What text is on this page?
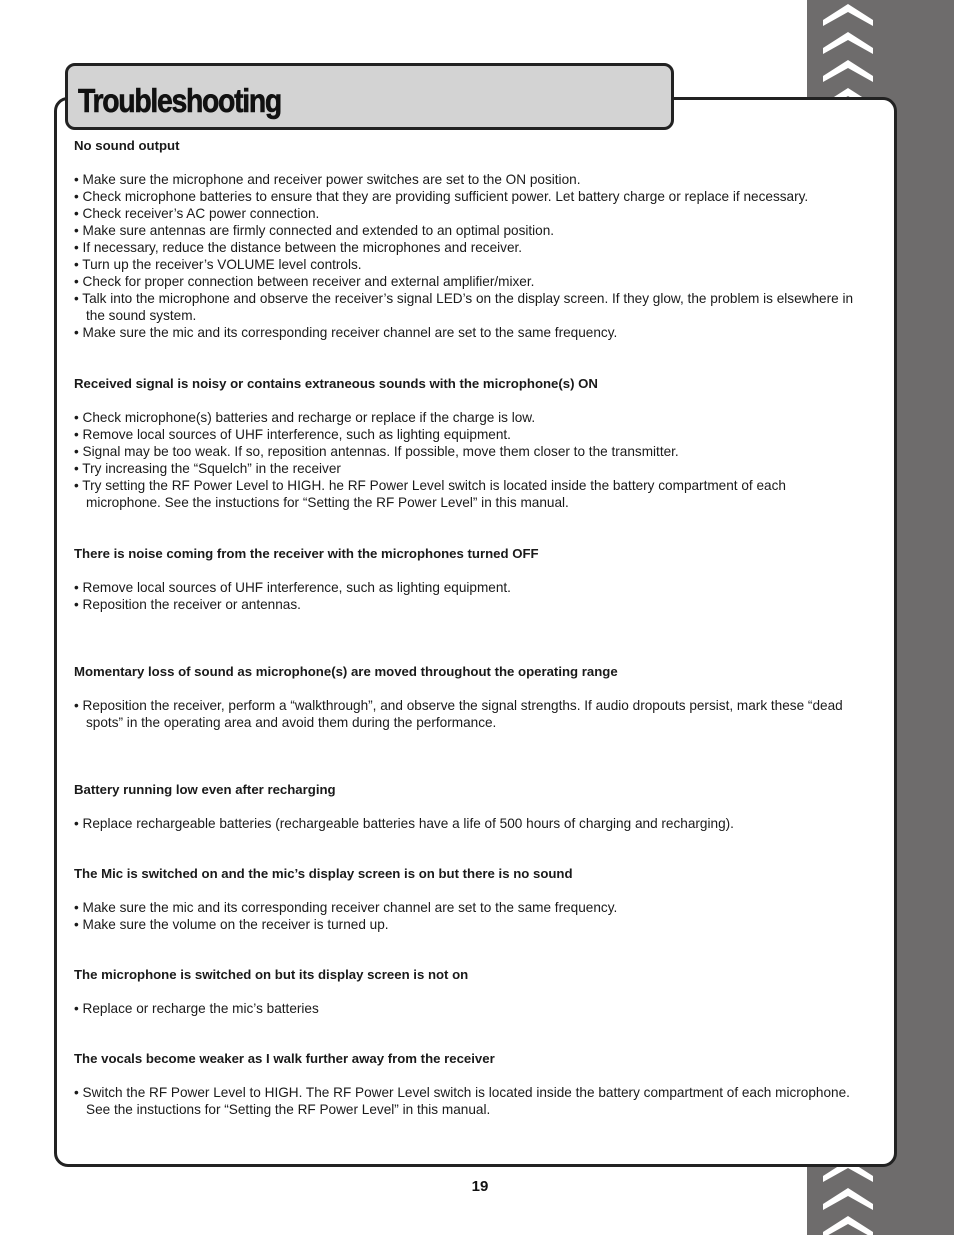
Troubleshooting

No sound output

• Make sure the microphone and receiver power switches are set to the ON position.
• Check microphone batteries to ensure that they are providing sufficient power. Let battery charge or replace if necessary.
• Check receiver’s AC power connection.
• Make sure antennas are firmly connected and extended to an optimal position.
• If necessary, reduce the distance between the microphones and receiver.
• Turn up the receiver’s VOLUME level controls.
• Check for proper connection between receiver and external amplifier/mixer.
• Talk into the microphone and observe the receiver’s signal LED’s on the display screen. If they glow, the problem is elsewhere in the sound system.
• Make sure the mic and its corresponding receiver channel are set to the same frequency.

Received signal is noisy or contains extraneous sounds with the microphone(s) ON

• Check microphone(s) batteries and recharge or replace if the charge is low.
• Remove local sources of UHF interference, such as lighting equipment.
• Signal may be too weak. If so, reposition antennas. If possible, move them closer to the transmitter.
• Try increasing the “Squelch” in the receiver
• Try setting the RF Power Level to HIGH. he RF Power Level switch is located inside the battery compartment of each microphone. See the instuctions for “Setting the RF Power Level” in this manual.

There is noise coming from the receiver with the microphones turned OFF

• Remove local sources of UHF interference, such as lighting equipment.
• Reposition the receiver or antennas.

Momentary loss of sound as microphone(s) are moved throughout the operating range

• Reposition the receiver, perform a “walkthrough”, and observe the signal strengths. If audio dropouts persist, mark these “dead spots” in the operating area and avoid them during the performance.

Battery running low even after recharging

• Replace rechargeable batteries (rechargeable batteries have a life of 500 hours of charging and recharging).

The Mic is switched on and the mic’s display screen is on but there is no sound

• Make sure the mic and its corresponding receiver channel are set to the same frequency.
• Make sure the volume on the receiver is turned up.

The microphone is switched on but its display screen is not on

• Replace or recharge the mic’s batteries

The vocals become weaker as I walk further away from the receiver

• Switch the RF Power Level to HIGH. The RF Power Level switch is located inside the battery compartment of each microphone. See the instuctions for “Setting the RF Power Level” in this manual.
19
